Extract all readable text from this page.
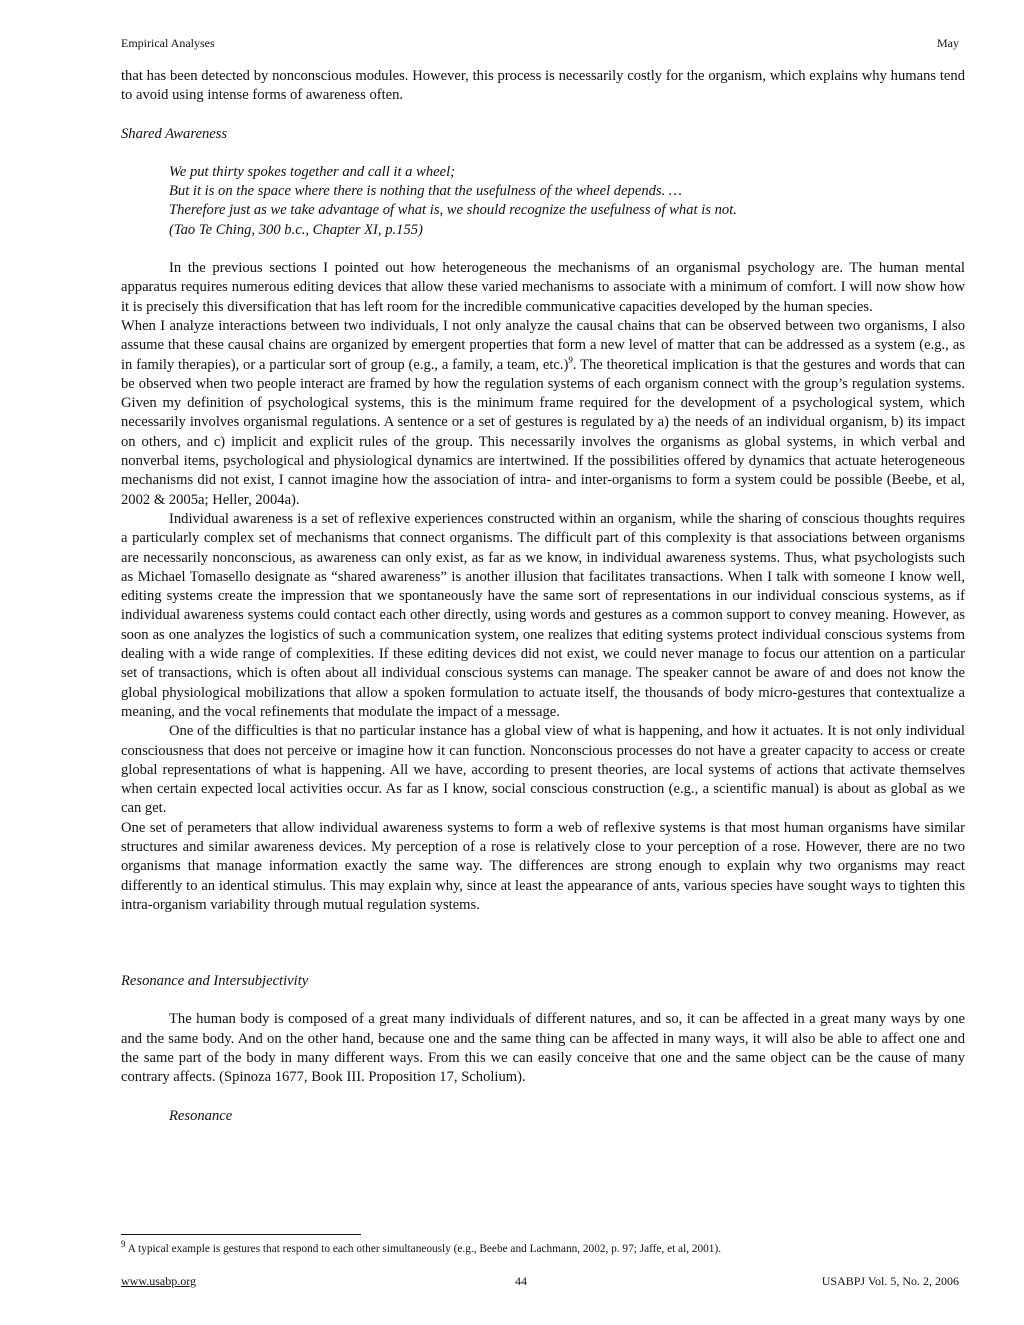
Empirical Analyses	May

that has been detected by nonconscious modules. However, this process is necessarily costly for the organism, which explains why humans tend to avoid using intense forms of awareness often.

Shared Awareness

We put thirty spokes together and call it a wheel;

But it is on the space where there is nothing that the usefulness of the wheel depends. …

Therefore just as we take advantage of what is, we should recognize the usefulness of what is not.

(Tao Te Ching, 300 b.c., Chapter XI, p.155)

In the previous sections I pointed out how heterogeneous the mechanisms of an organismal psychology are. The human mental apparatus requires numerous editing devices that allow these varied mechanisms to associate with a minimum of comfort. I will now show how it is precisely this diversification that has left room for the incredible communicative capacities developed by the human species.

When I analyze interactions between two individuals, I not only analyze the causal chains that can be observed between two organisms, I also assume that these causal chains are organized by emergent properties that form a new level of matter that can be addressed as a system (e.g., as in family therapies), or a particular sort of group (e.g., a family, a team, etc.)$^9$. The theoretical implication is that the gestures and words that can be observed when two people interact are framed by how the regulation systems of each organism connect with the group’s regulation systems. Given my definition of psychological systems, this is the minimum frame required for the development of a psychological system, which necessarily involves organismal regulations. A sentence or a set of gestures is regulated by a) the needs of an individual organism, b) its impact on others, and c) implicit and explicit rules of the group. This necessarily involves the organisms as global systems, in which verbal and nonverbal items, psychological and physiological dynamics are intertwined. If the possibilities offered by dynamics that actuate heterogeneous mechanisms did not exist, I cannot imagine how the association of intra- and inter-organisms to form a system could be possible (Beebe, et al, 2002 & 2005a; Heller, 2004a).

Individual awareness is a set of reflexive experiences constructed within an organism, while the sharing of conscious thoughts requires a particularly complex set of mechanisms that connect organisms. The difficult part of this complexity is that associations between organisms are necessarily nonconscious, as awareness can only exist, as far as we know, in individual awareness systems. Thus, what psychologists such as Michael Tomasello designate as “shared awareness” is another illusion that facilitates transactions. When I talk with someone I know well, editing systems create the impression that we spontaneously have the same sort of representations in our individual conscious systems, as if individual awareness systems could contact each other directly, using words and gestures as a common support to convey meaning. However, as soon as one analyzes the logistics of such a communication system, one realizes that editing systems protect individual conscious systems from dealing with a wide range of complexities. If these editing devices did not exist, we could never manage to focus our attention on a particular set of transactions, which is often about all individual conscious systems can manage. The speaker cannot be aware of and does not know the global physiological mobilizations that allow a spoken formulation to actuate itself, the thousands of body micro-gestures that contextualize a meaning, and the vocal refinements that modulate the impact of a message.

One of the difficulties is that no particular instance has a global view of what is happening, and how it actuates. It is not only individual consciousness that does not perceive or imagine how it can function. Nonconscious processes do not have a greater capacity to access or create global representations of what is happening. All we have, according to present theories, are local systems of actions that activate themselves when certain expected local activities occur. As far as I know, social conscious construction (e.g., a scientific manual) is about as global as we can get.

One set of perameters that allow individual awareness systems to form a web of reflexive systems is that most human organisms have similar structures and similar awareness devices. My perception of a rose is relatively close to your perception of a rose. However, there are no two organisms that manage information exactly the same way. The differences are strong enough to explain why two organisms may react differently to an identical stimulus. This may explain why, since at least the appearance of ants, various species have sought ways to tighten this intra-organism variability through mutual regulation systems.

Resonance and Intersubjectivity

The human body is composed of a great many individuals of different natures, and so, it can be affected in a great many ways by one and the same body. And on the other hand, because one and the same thing can be affected in many ways, it will also be able to affect one and the same part of the body in many different ways. From this we can easily conceive that one and the same object can be the cause of many contrary affects. (Spinoza 1677, Book III. Proposition 17, Scholium).

Resonance

$^9$ A typical example is gestures that respond to each other simultaneously (e.g., Beebe and Lachmann, 2002, p. 97; Jaffe, et al, 2001).
www.usabp.org	44	USABPJ Vol. 5, No. 2, 2006
